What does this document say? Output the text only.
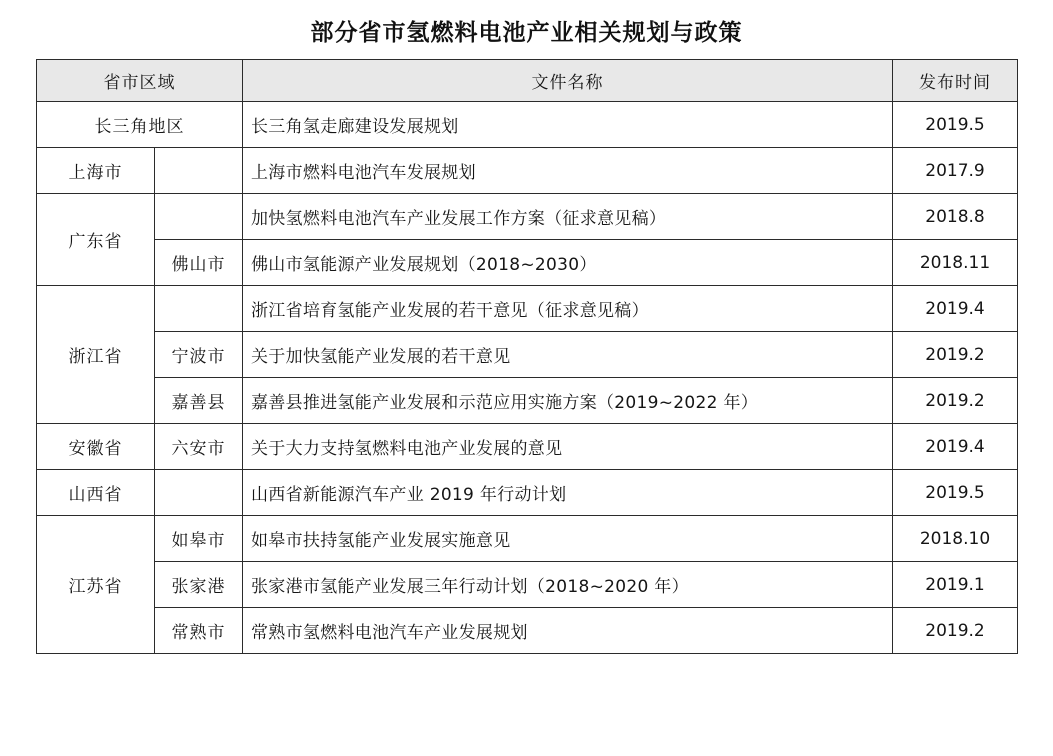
部分省市氢燃料电池产业相关规划与政策
省市区域		文件名称	发布时间
长三角地区		长三角氢走廊建设发展规划	2019.5
上海市		上海市燃料电池汽车发展规划	2017.9
广东省		加快氢燃料电池汽车产业发展工作方案（征求意见稿）	2018.8
	佛山市	佛山市氢能源产业发展规划（2018~2030）	2018.11
浙江省		浙江省培育氢能产业发展的若干意见（征求意见稿）	2019.4
	宁波市	关于加快氢能产业发展的若干意见	2019.2
	嘉善县	嘉善县推进氢能产业发展和示范应用实施方案（2019~2022 年）	2019.2
安徽省	六安市	关于大力支持氢燃料电池产业发展的意见	2019.4
山西省		山西省新能源汽车产业 2019 年行动计划	2019.5
江苏省	如皋市	如皋市扶持氢能产业发展实施意见	2018.10
	张家港	张家港市氢能产业发展三年行动计划（2018~2020 年）	2019.1
	常熟市	常熟市氢燃料电池汽车产业发展规划	2019.2
